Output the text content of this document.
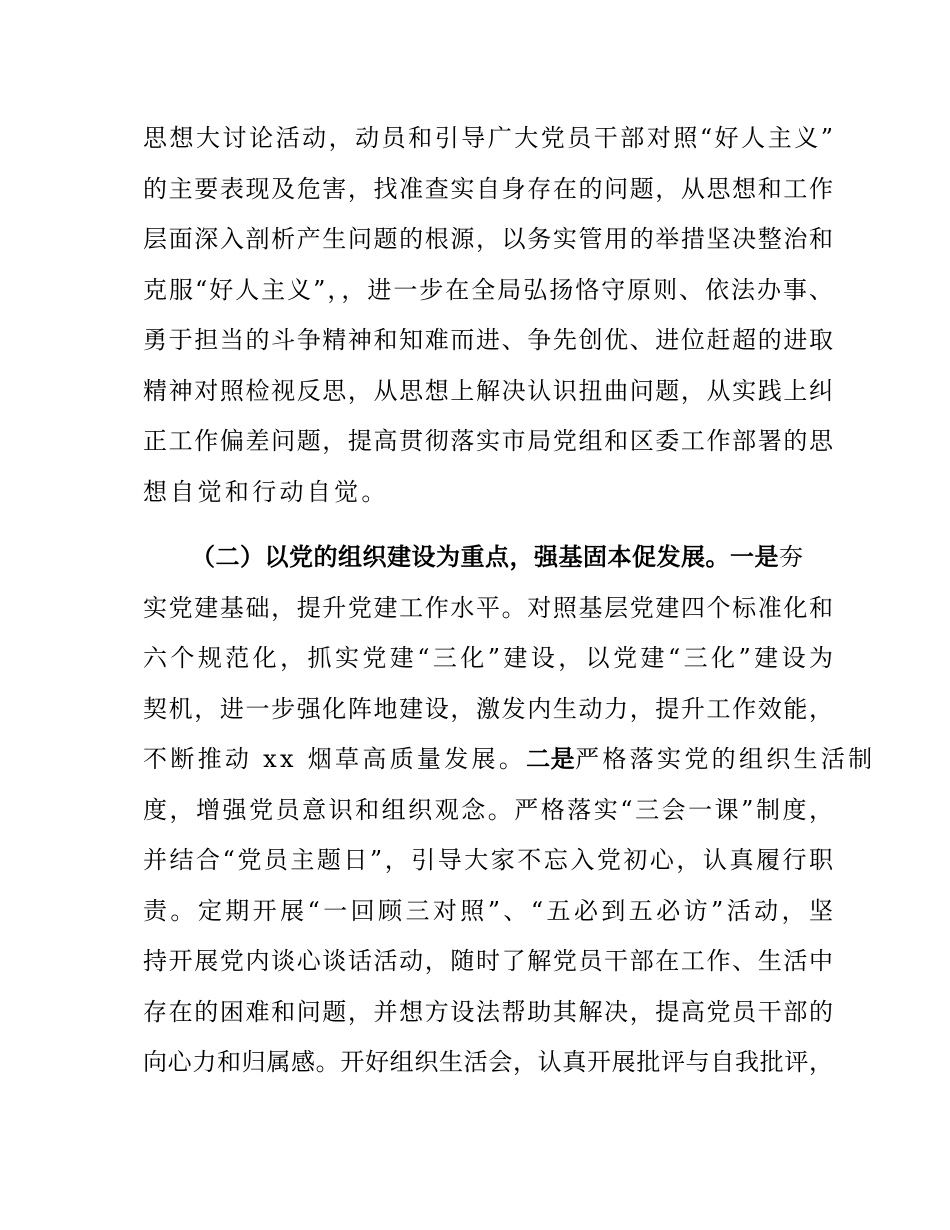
思想大讨论活动，动员和引导广大党员干部对照“好人主义”
的主要表现及危害，找准查实自身存在的问题，从思想和工作
层面深入剖析产生问题的根源，以务实管用的举措坚决整治和
克服“好人主义”，，进一步在全局弘扬恪守原则、依法办事、
勇于担当的斗争精神和知难而进、争先创优、进位赶超的进取
精神对照检视反思，从思想上解决认识扭曲问题，从实践上纠
正工作偏差问题，提高贯彻落实市局党组和区委工作部署的思
想自觉和行动自觉。
（二）以党的组织建设为重点，强基固本促发展。一是夯
实党建基础，提升党建工作水平。对照基层党建四个标准化和
六个规范化，抓实党建“三化”建设，以党建“三化”建设为
契机，进一步强化阵地建设，激发内生动力，提升工作效能，
不断推动 xx 烟草高质量发展。二是严格落实党的组织生活制
度，增强党员意识和组织观念。严格落实“三会一课”制度，
并结合“党员主题日”，引导大家不忘入党初心，认真履行职
责。定期开展“一回顾三对照”、“五必到五必访”活动，坚
持开展党内谈心谈话活动，随时了解党员干部在工作、生活中
存在的困难和问题，并想方设法帮助其解决，提高党员干部的
向心力和归属感。开好组织生活会，认真开展批评与自我批评，
